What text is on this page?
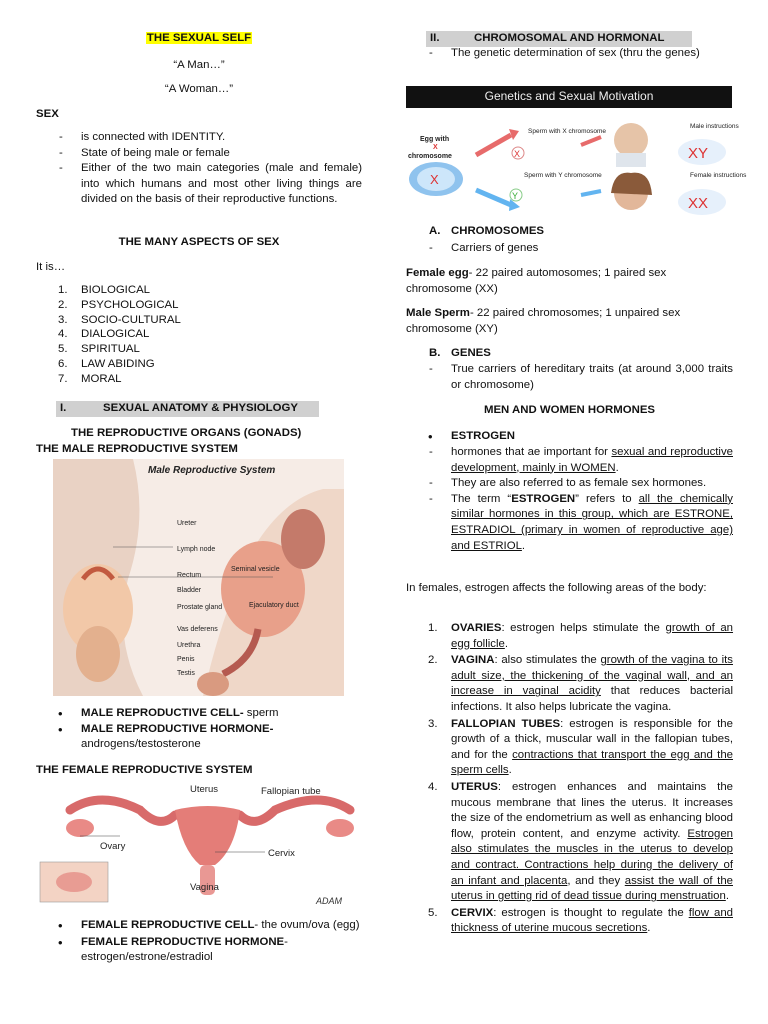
THE SEXUAL SELF
“A Man…”
“A Woman…”
SEX
- is connected with IDENTITY.
- State of being male or female
- Either of the two main categories (male and female) into which humans and most other living things are divided on the basis of their reproductive functions.
THE MANY ASPECTS OF SEX
It is…
1. BIOLOGICAL
2. PSYCHOLOGICAL
3. SOCIO-CULTURAL
4. DIALOGICAL
5. SPIRITUAL
6. LAW ABIDING
7. MORAL
I.	SEXUAL ANATOMY & PHYSIOLOGY
THE REPRODUCTIVE ORGANS (GONADS)
THE MALE REPRODUCTIVE SYSTEM
Male Reproductive System
Ureter
Lymph node
Rectum
Bladder
Prostate gland
Vas deferens
Urethra
Penis
Testis
Seminal vesicle
Ejaculatory duct
• MALE REPRODUCTIVE CELL- sperm
• MALE REPRODUCTIVE HORMONE-
androgens/testosterone
THE FEMALE REPRODUCTIVE SYSTEM
Uterus	Fallopian tube
Ovary
Cervix
Vagina
ADAM
• FEMALE REPRODUCTIVE CELL- the ovum/ova (egg)
• FEMALE REPRODUCTIVE HORMONE-
estrogen/estrone/estradiol
II.	CHROMOSOMAL AND HORMONAL
- The genetic determination of sex (thru the genes)
Genetics and Sexual Motivation
Egg with
X
chromosome
X
X
Y
Sperm with X chromosome
Sperm with Y chromosome
Male instructions
XY
Female instructions
XX
A. CHROMOSOMES
- Carriers of genes

Female egg- 22 paired automosomes; 1 paired sex chromosome (XX)

Male Sperm- 22 paired chromosomes; 1 unpaired sex chromosome (XY)

B. GENES
- True carriers of hereditary traits (at around 3,000 traits or chromosome)
MEN AND WOMEN HORMONES
• ESTROGEN
- hormones that ae important for sexual and reproductive development, mainly in WOMEN.
- They are also referred to as female sex hormones.
- The term “ESTROGEN” refers to all the chemically similar hormones in this group, which are ESTRONE, ESTRADIOL (primary in women of reproductive age) and ESTRIOL.

In females, estrogen affects the following areas of the body:

1. OVARIES: estrogen helps stimulate the growth of an egg follicle.
2. VAGINA: also stimulates the growth of the vagina to its adult size, the thickening of the vaginal wall, and an increase in vaginal acidity that reduces bacterial infections. It also helps lubricate the vagina.
3. FALLOPIAN TUBES: estrogen is responsible for the growth of a thick, muscular wall in the fallopian tubes, and for the contractions that transport the egg and the sperm cells.
4. UTERUS: estrogen enhances and maintains the mucous membrane that lines the uterus. It increases the size of the endometrium as well as enhancing blood flow, protein content, and enzyme activity. Estrogen also stimulates the muscles in the uterus to develop and contract. Contractions help during the delivery of an infant and placenta, and they assist the wall of the uterus in getting rid of dead tissue during menstruation.
5. CERVIX: estrogen is thought to regulate the flow and thickness of uterine mucous secretions.
